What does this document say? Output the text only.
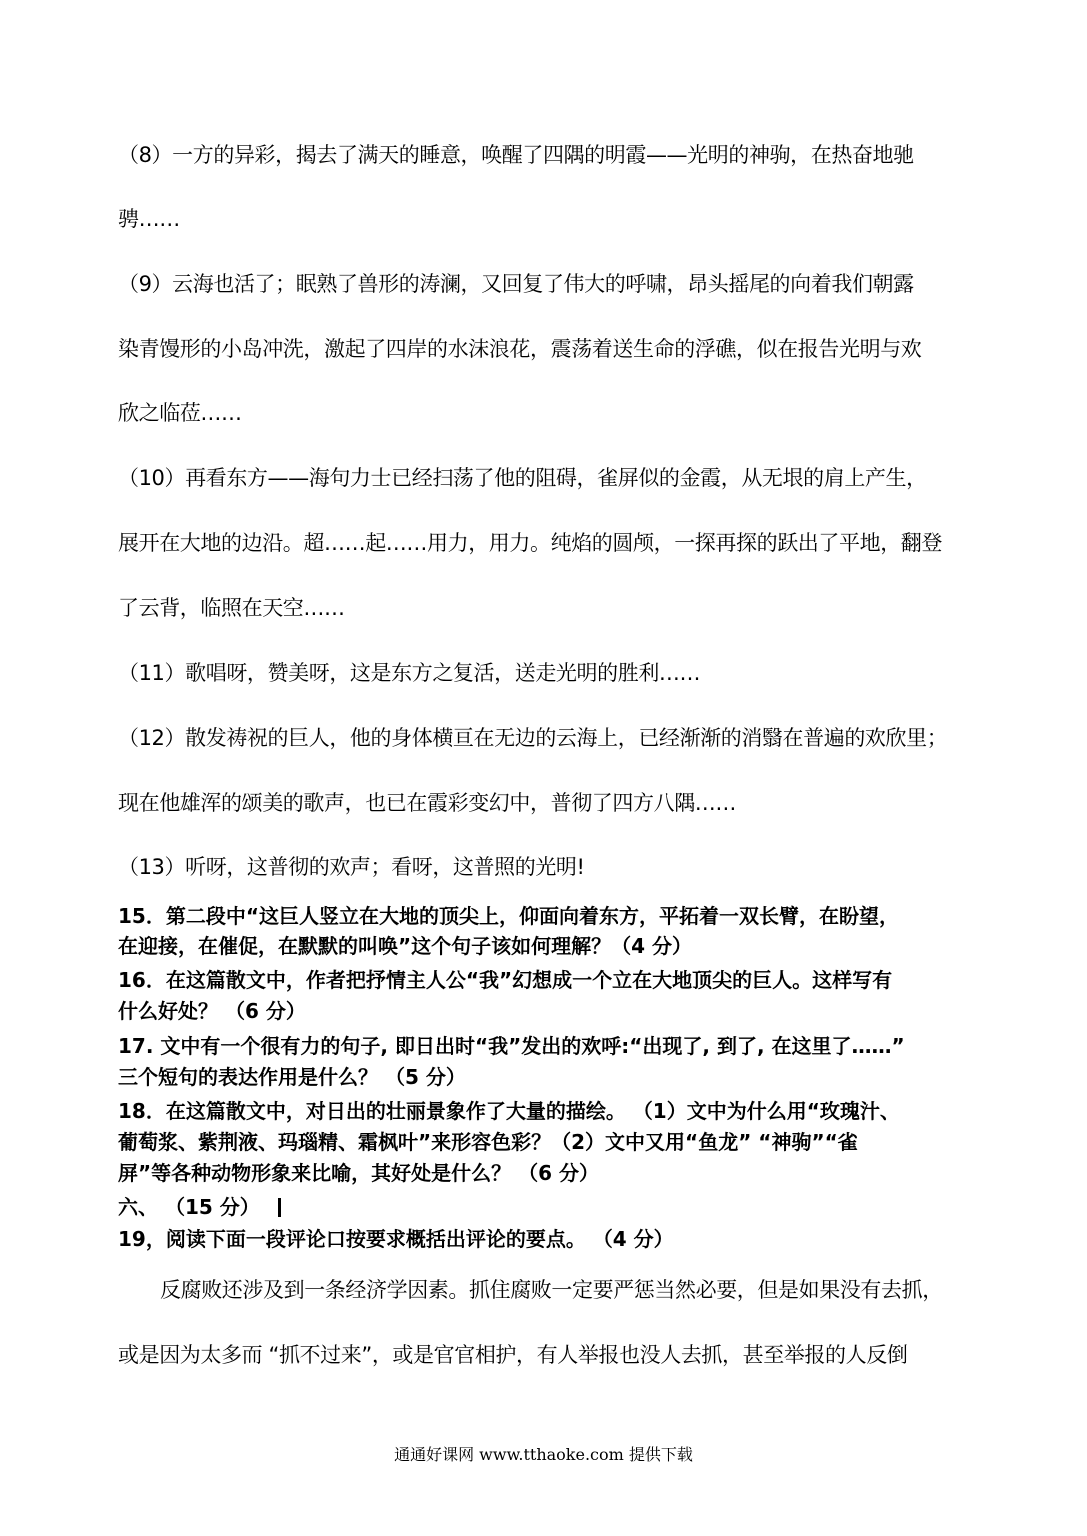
（8）一方的异彩，揭去了满天的睡意，唤醒了四隅的明霞——光明的神驹，在热奋地驰
骋……
（9）云海也活了；眠熟了兽形的涛澜，又回复了伟大的呼啸，昂头摇尾的向着我们朝露
染青馒形的小岛冲洗，激起了四岸的水沫浪花，震荡着送生命的浮礁，似在报告光明与欢
欣之临莅……
（10）再看东方——海句力士已经扫荡了他的阻碍，雀屏似的金霞，从无垠的肩上产生，
展开在大地的边沿。超……起……用力，用力。纯焰的圆颅，一探再探的跃出了平地，翻登
了云背，临照在天空……
（11）歌唱呀，赞美呀，这是东方之复活，送走光明的胜利……
（12）散发祷祝的巨人，他的身体横亘在无边的云海上，已经渐渐的消翳在普遍的欢欣里；
现在他雄浑的颂美的歌声，也已在霞彩变幻中，普彻了四方八隅……
（13）听呀，这普彻的欢声；看呀，这普照的光明!
15．第二段中“这巨人竖立在大地的顶尖上，仰面向着东方，平拓着一双长臂，在盼望，
在迎接，在催促，在默默的叫唤”这个句子该如何理解？（4 分）
16．在这篇散文中，作者把抒情主人公“我”幻想成一个立在大地顶尖的巨人。这样写有
什么好处？ （6 分）
17. 文中有一个很有力的句子, 即日出时“我”发出的欢呼:“出现了, 到了, 在这里了……”
三个短句的表达作用是什么？ （5 分）
18．在这篇散文中，对日出的壮丽景象作了大量的描绘。 （1）文中为什么用“玫瑰汁、
葡萄浆、紫荆液、玛瑙精、霜枫叶”来形容色彩？（2）文中又用“鱼龙” “神驹”“雀
屏”等各种动物形象来比喻，其好处是什么？ （6 分）
六、 （15 分）
19，阅读下面一段评论口按要求概括出评论的要点。 （4 分）
反腐败还涉及到一条经济学因素。抓住腐败一定要严惩当然必要，但是如果没有去抓，
或是因为太多而 “抓不过来”，或是官官相护，有人举报也没人去抓，甚至举报的人反倒
通通好课网 www.tthaoke.com 提供下载
